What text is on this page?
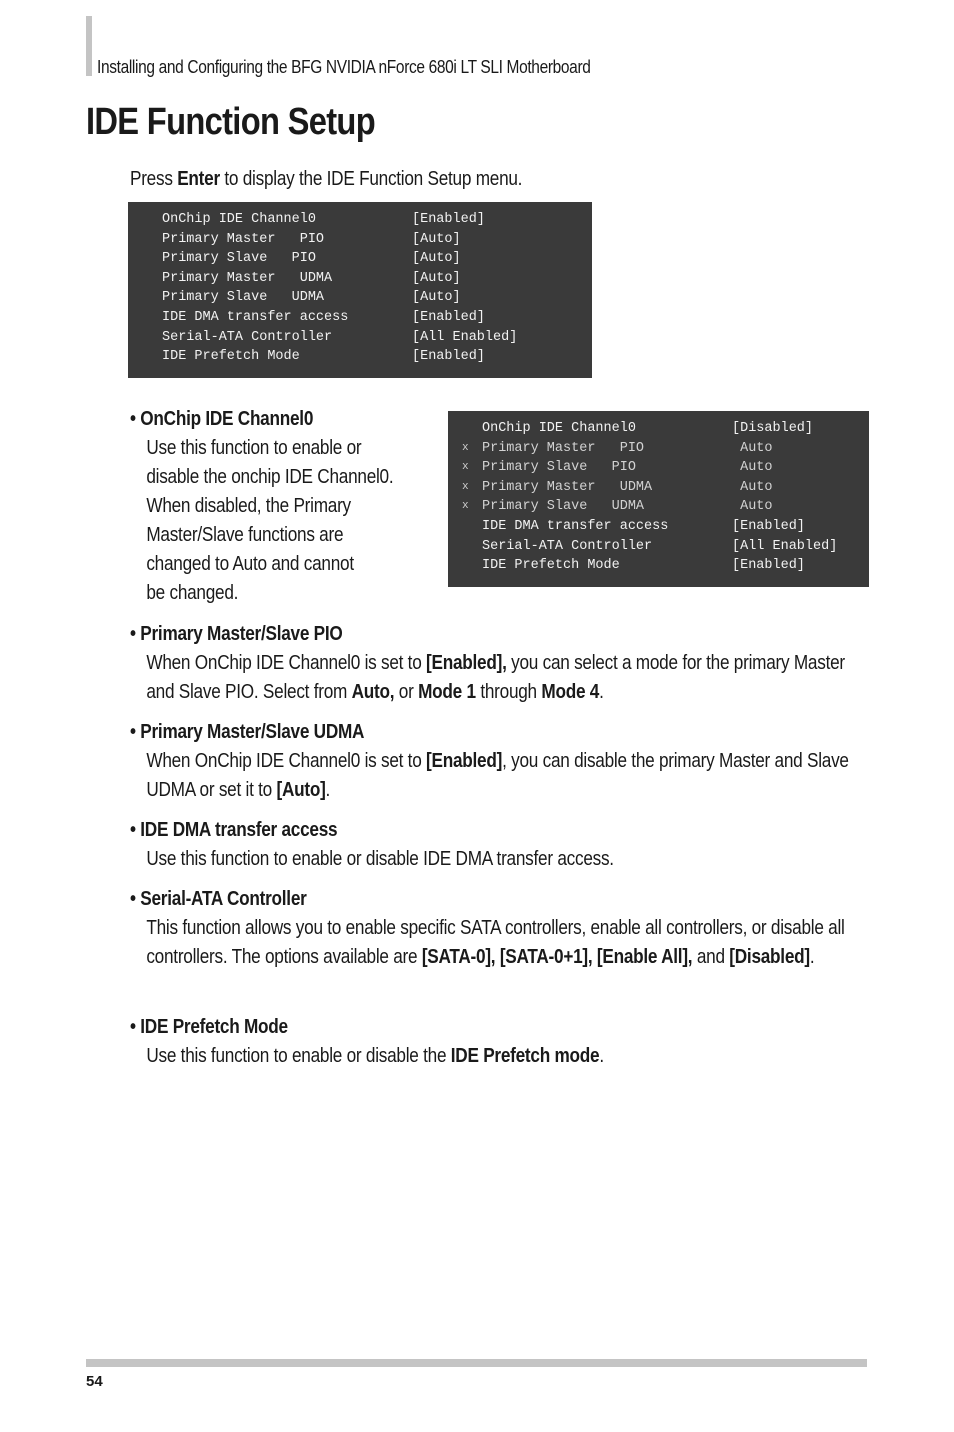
Installing and Configuring the BFG NVIDIA nForce 680i LT SLI Motherboard
IDE Function Setup
Press Enter to display the IDE Function Setup menu.
OnChip IDE Channel0	[Enabled]
Primary Master   PIO	[Auto]
Primary Slave   PIO	[Auto]
Primary Master   UDMA	[Auto]
Primary Slave   UDMA	[Auto]
IDE DMA transfer access	[Enabled]
Serial-ATA Controller	[All Enabled]
IDE Prefetch Mode	[Enabled]
OnChip IDE Channel0	[Disabled]
x Primary Master   PIO	Auto
x Primary Slave   PIO	Auto
x Primary Master   UDMA	Auto
x Primary Slave   UDMA	Auto
IDE DMA transfer access	[Enabled]
Serial-ATA Controller	[All Enabled]
IDE Prefetch Mode	[Enabled]
• OnChip IDE Channel0
Use this function to enable or
disable the onchip IDE Channel0.
When disabled, the Primary
Master/Slave functions are
changed to Auto and cannot
be changed.
• Primary Master/Slave PIO
When OnChip IDE Channel0 is set to [Enabled], you can select a mode for the primary Master and Slave PIO. Select from Auto, or Mode 1 through Mode 4.
• Primary Master/Slave UDMA
When OnChip IDE Channel0 is set to [Enabled], you can disable the primary Master and Slave UDMA or set it to [Auto].
• IDE DMA transfer access
Use this function to enable or disable IDE DMA transfer access.
• Serial-ATA Controller
This function allows you to enable specific SATA controllers, enable all controllers, or disable all controllers. The options available are [SATA-0], [SATA-0+1], [Enable All], and [Disabled].
• IDE Prefetch Mode
Use this function to enable or disable the IDE Prefetch mode.
54
